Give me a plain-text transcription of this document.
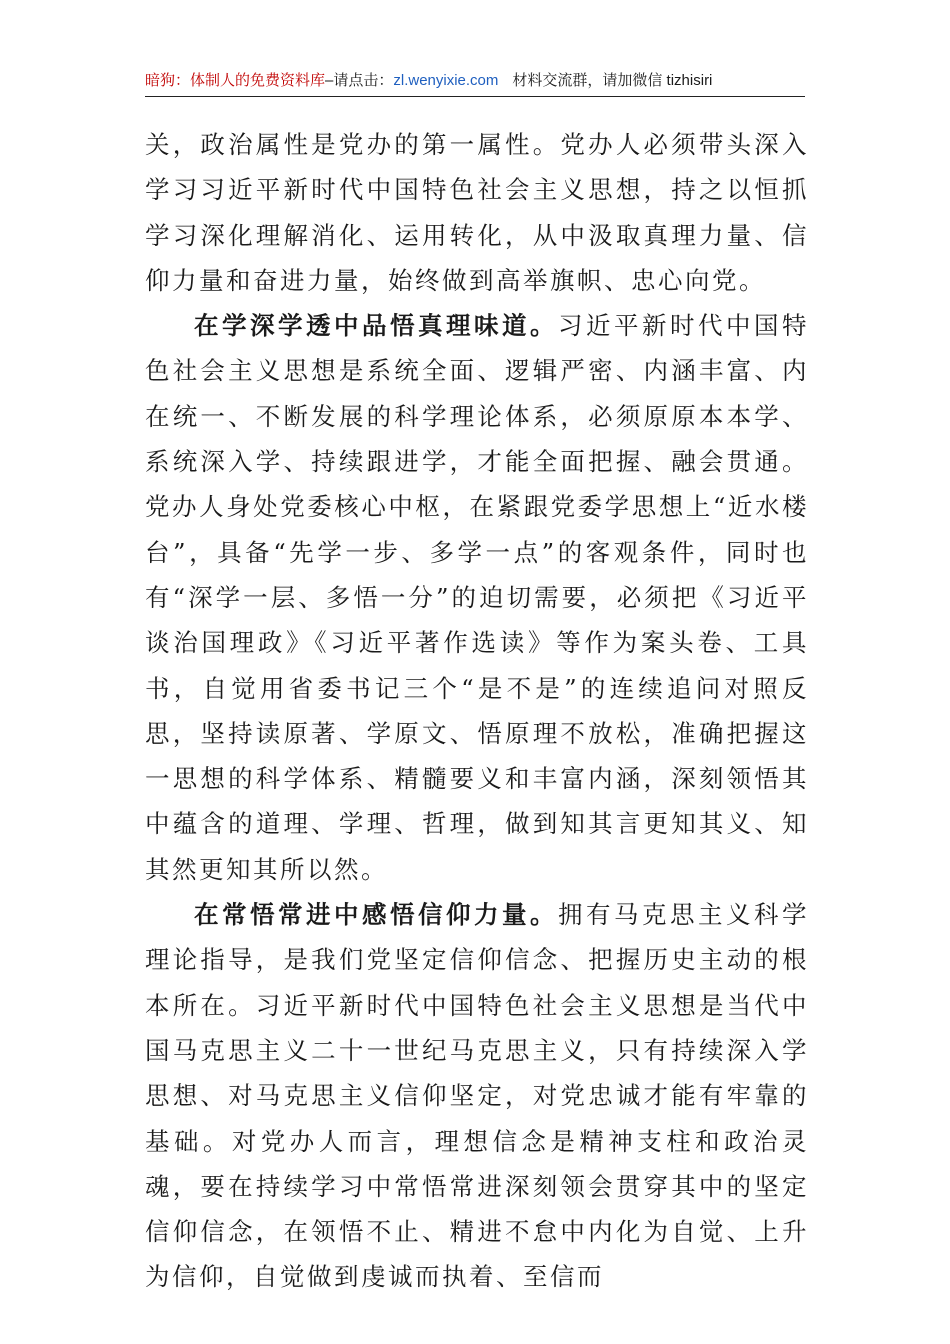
暗狗：体制人的免费资料库–请点击：zl.wenyixie.com 材料交流群，请加微信 tizhisiri

关，政治属性是党办的第一属性。党办人必须带头深入学习习近平新时代中国特色社会主义思想，持之以恒抓学习深化理解消化、运用转化，从中汲取真理力量、信仰力量和奋进力量，始终做到高举旗帜、忠心向党。

在学深学透中品悟真理味道。习近平新时代中国特色社会主义思想是系统全面、逻辑严密、内涵丰富、内在统一、不断发展的科学理论体系，必须原原本本学、系统深入学、持续跟进学，才能全面把握、融会贯通。党办人身处党委核心中枢，在紧跟党委学思想上“近水楼台”，具备“先学一步、多学一点”的客观条件，同时也有“深学一层、多悟一分”的迫切需要，必须把《习近平谈治国理政》《习近平著作选读》等作为案头卷、工具书，自觉用省委书记三个“是不是”的连续追问对照反思，坚持读原著、学原文、悟原理不放松，准确把握这一思想的科学体系、精髓要义和丰富内涵，深刻领悟其中蕴含的道理、学理、哲理，做到知其言更知其义、知其然更知其所以然。

在常悟常进中感悟信仰力量。拥有马克思主义科学理论指导，是我们党坚定信仰信念、把握历史主动的根本所在。习近平新时代中国特色社会主义思想是当代中国马克思主义二十一世纪马克思主义，只有持续深入学思想、对马克思主义信仰坚定，对党忠诚才能有牢靠的基础。对党办人而言，理想信念是精神支柱和政治灵魂，要在持续学习中常悟常进深刻领会贯穿其中的坚定信仰信念，在领悟不止、精进不怠中内化为自觉、上升为信仰，自觉做到虔诚而执着、至信而
